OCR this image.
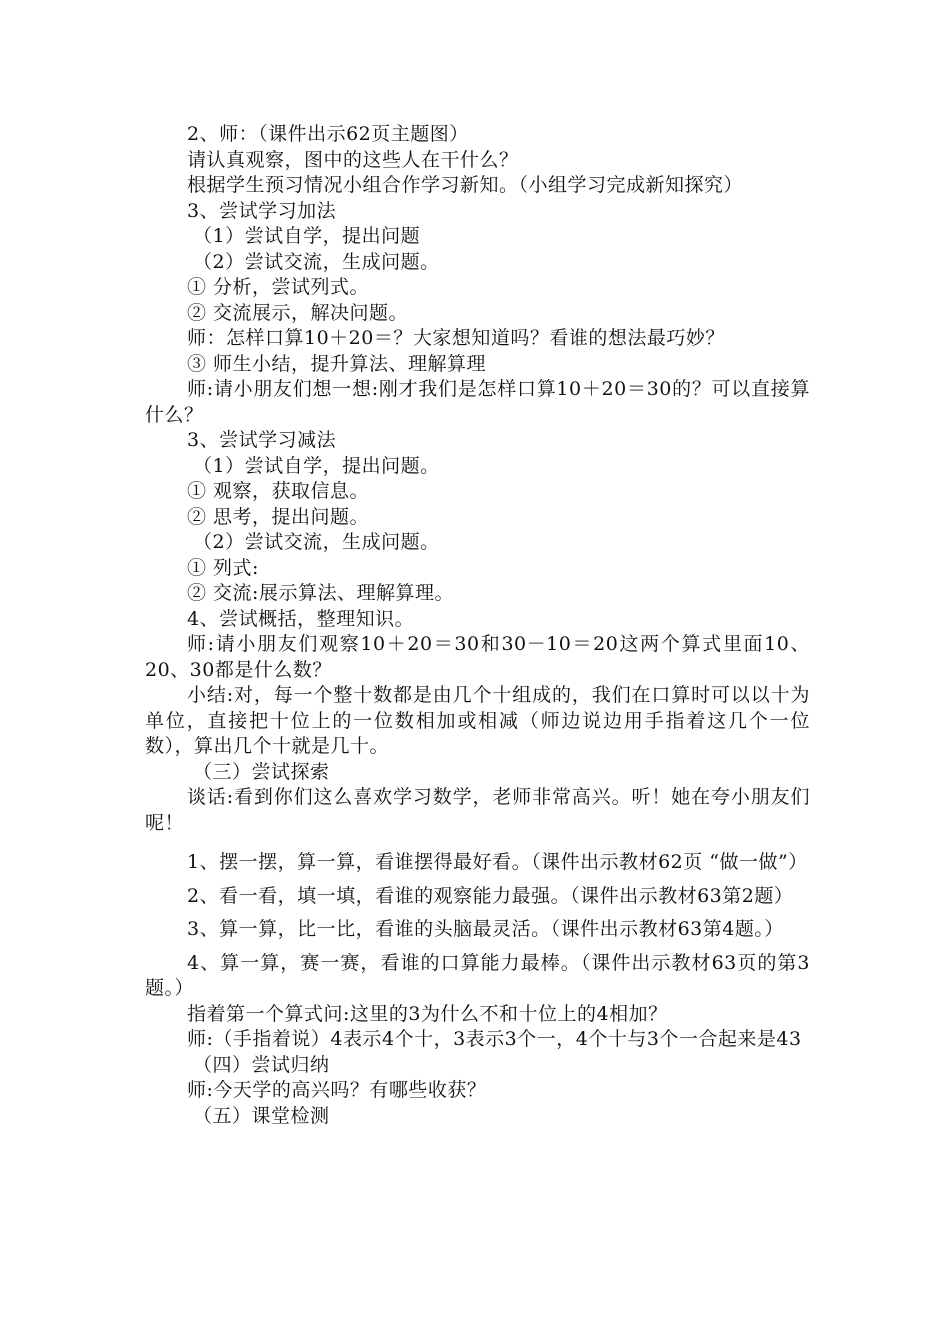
2、师：（课件出示62页主题图）

请认真观察，图中的这些人在干什么？

根据学生预习情况小组合作学习新知。（小组学习完成新知探究）

3、尝试学习加法

（1）尝试自学，提出问题

（2）尝试交流，生成问题。

① 分析，尝试列式。

② 交流展示，解决问题。

师：怎样口算10＋20＝？大家想知道吗？看谁的想法最巧妙？

③ 师生小结，提升算法、理解算理

师:请小朋友们想一想:刚才我们是怎样口算10＋20＝30的？可以直接算什么？

3、尝试学习减法

（1）尝试自学，提出问题。

① 观察，获取信息。

② 思考，提出问题。

（2）尝试交流，生成问题。

① 列式:

② 交流:展示算法、理解算理。

4、尝试概括，整理知识。

师:请小朋友们观察10＋20＝30和30－10＝20这两个算式里面10、20、30都是什么数？

小结:对，每一个整十数都是由几个十组成的，我们在口算时可以以十为单位，直接把十位上的一位数相加或相减（师边说边用手指着这几个一位数），算出几个十就是几十。

（三）尝试探索

谈话:看到你们这么喜欢学习数学，老师非常高兴。听！她在夸小朋友们呢！

1、摆一摆，算一算，看谁摆得最好看。（课件出示教材62页 “做一做”）

2、看一看，填一填，看谁的观察能力最强。（课件出示教材63第2题）

3、算一算，比一比，看谁的头脑最灵活。（课件出示教材63第4题。）

4、算一算，赛一赛，看谁的口算能力最棒。（课件出示教材63页的第3题。）

指着第一个算式问:这里的3为什么不和十位上的4相加？

师:（手指着说）4表示4个十，3表示3个一，4个十与3个一合起来是43

（四）尝试归纳

师:今天学的高兴吗？有哪些收获？

（五）课堂检测
